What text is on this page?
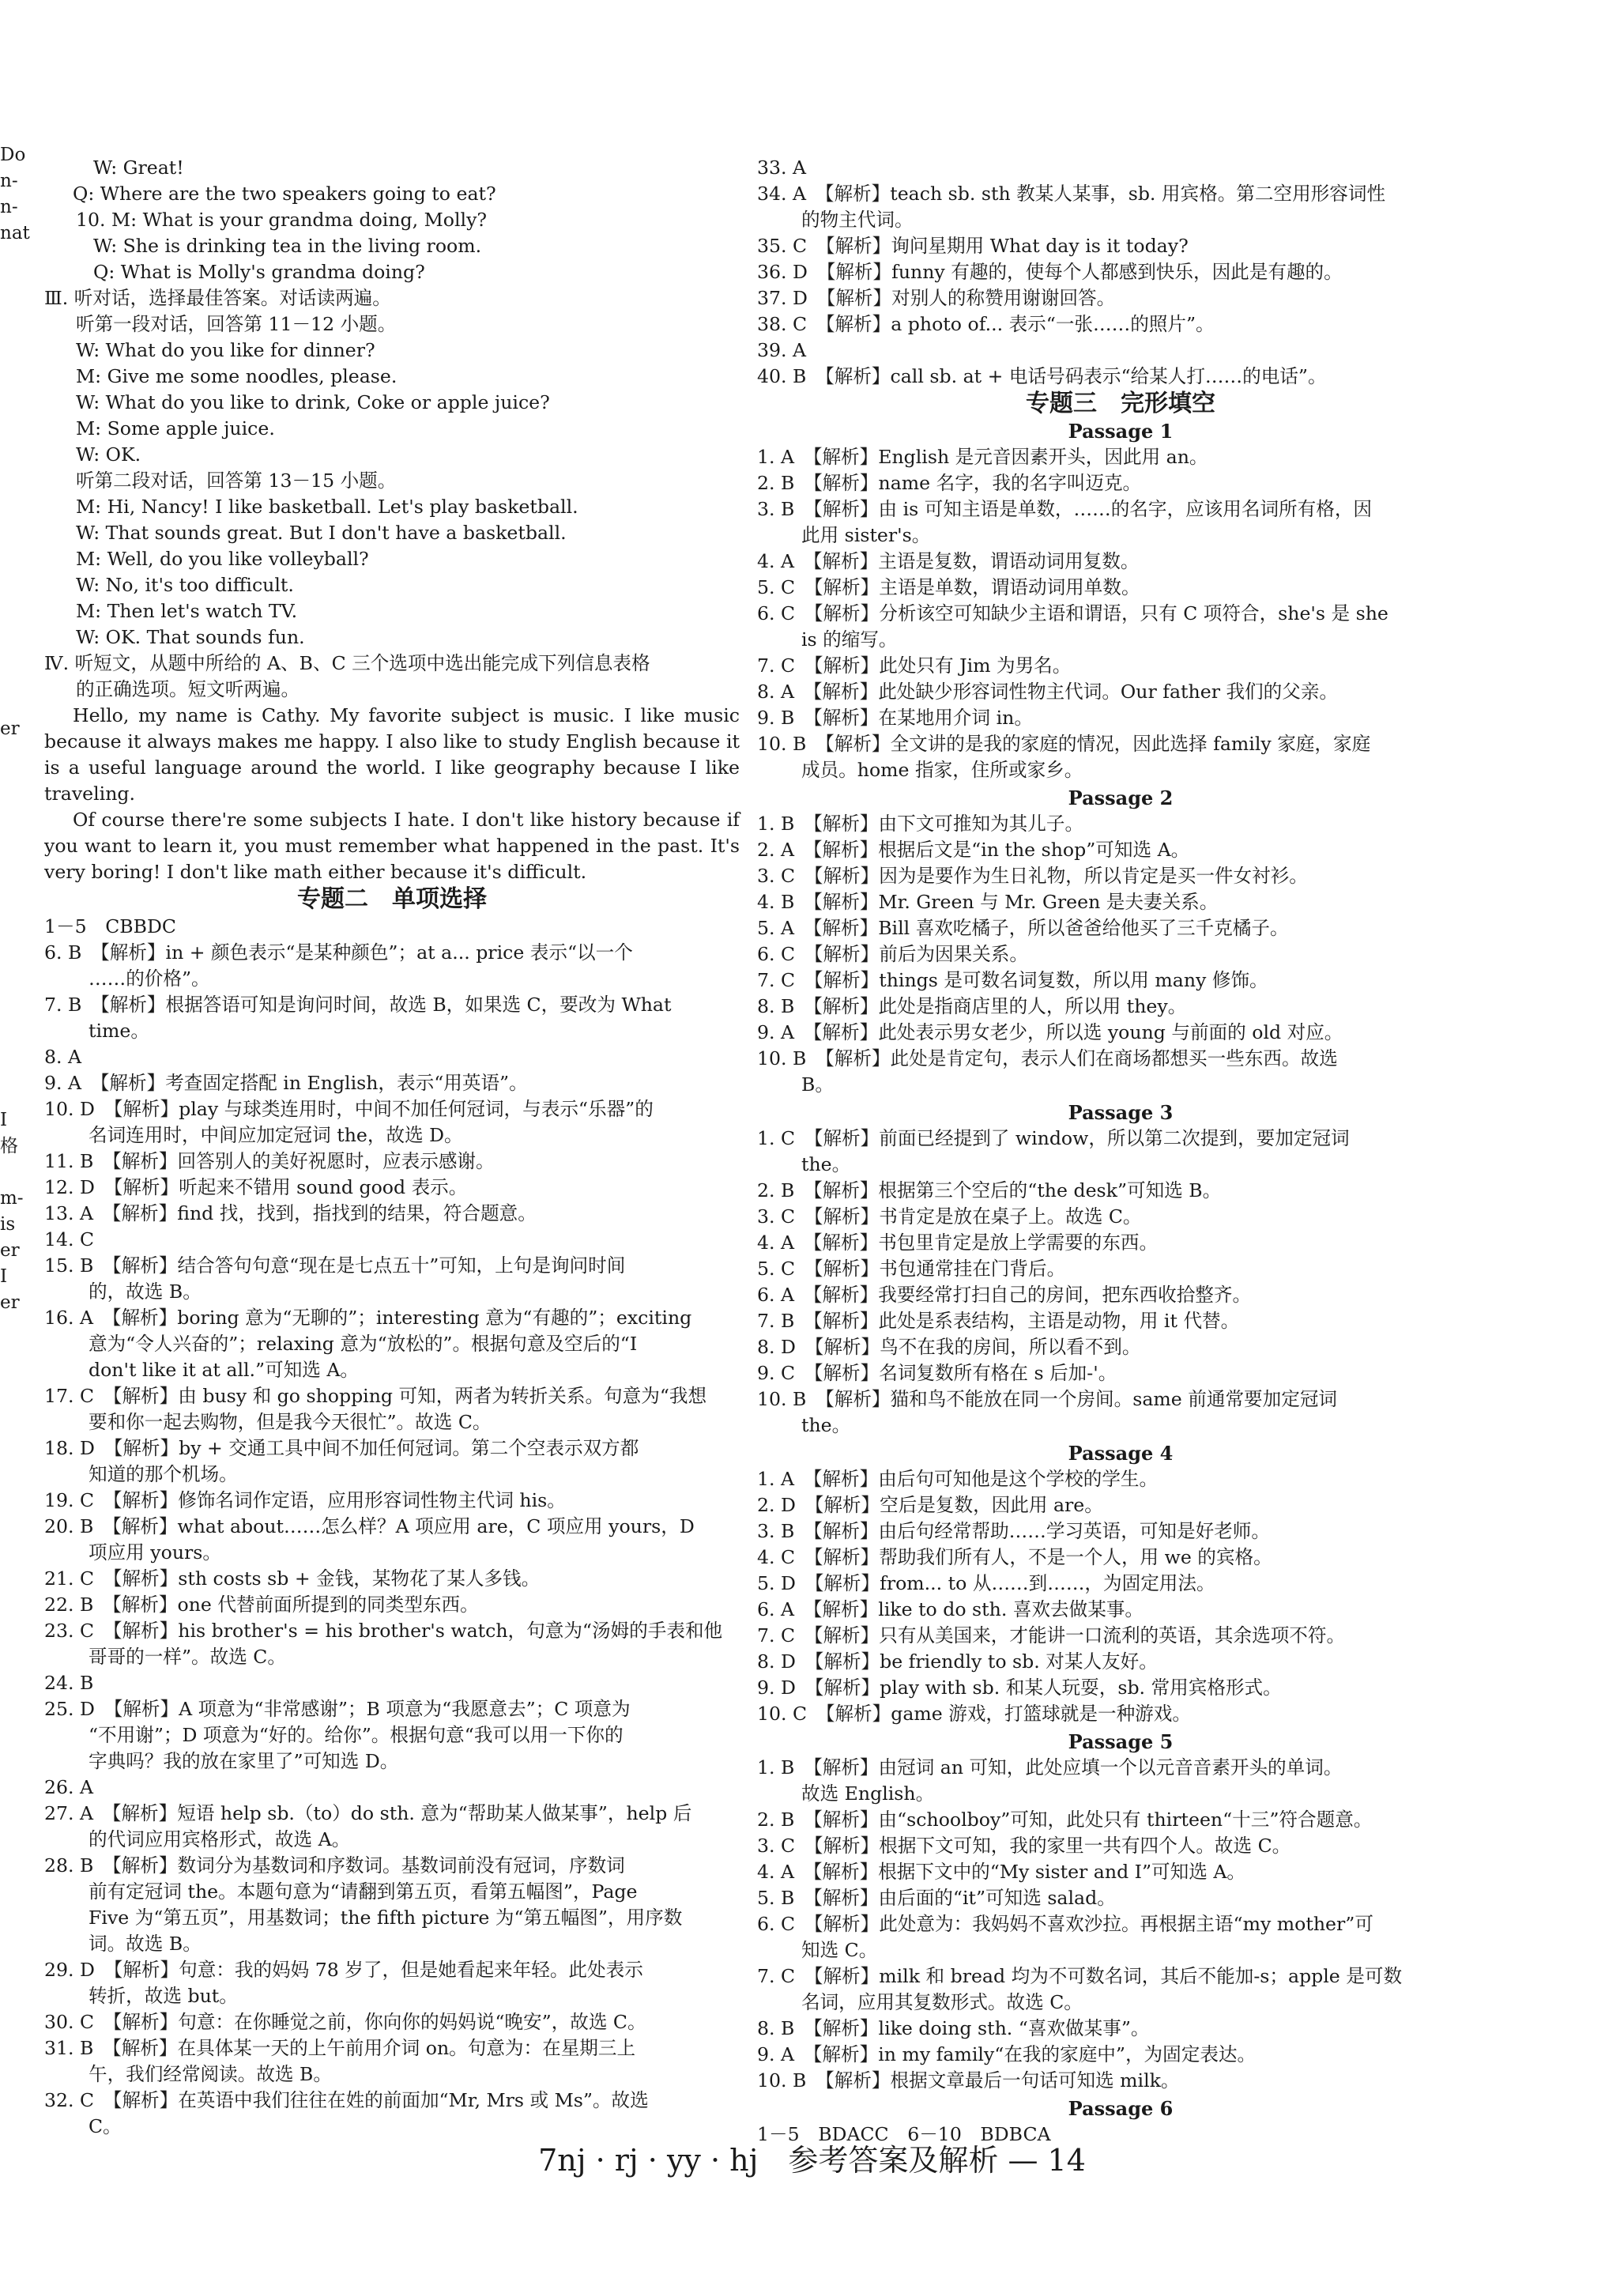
Do
n-
n-
nat

er

I
格

m-
is
er
I
er
W: Great!
Q: Where are the two speakers going to eat?
10. M: What is your grandma doing, Molly?
W: She is drinking tea in the living room.
Q: What is Molly's grandma doing?
Ⅲ. 听对话，选择最佳答案。对话读两遍。
听第一段对话，回答第 11－12 小题。
W: What do you like for dinner?
M: Give me some noodles, please.
W: What do you like to drink, Coke or apple juice?
M: Some apple juice.
W: OK.
听第二段对话，回答第 13－15 小题。
M: Hi, Nancy! I like basketball. Let's play basketball.
W: That sounds great. But I don't have a basketball.
M: Well, do you like volleyball?
W: No, it's too difficult.
M: Then let's watch TV.
W: OK. That sounds fun.
Ⅳ. 听短文，从题中所给的 A、B、C 三个选项中选出能完成下列信息表格
的正确选项。短文听两遍。
Hello, my name is Cathy. My favorite subject is music. I like music because it always makes me happy. I also like to study English because it is a useful language around the world. I like geography because I like traveling.
Of course there're some subjects I hate. I don't like history because if you want to learn it, you must remember what happened in the past. It's very boring! I don't like math either because it's difficult.
专题二　单项选择
1－5　CBBDC
6. B　【解析】in + 颜色表示“是某种颜色”；at a... price 表示“以一个
……的价格”。
7. B　【解析】根据答语可知是询问时间，故选 B，如果选 C，要改为 What
time。
8. A
9. A　【解析】考查固定搭配 in English，表示“用英语”。
10. D　【解析】play 与球类连用时，中间不加任何冠词，与表示“乐器”的
名词连用时，中间应加定冠词 the，故选 D。
11. B　【解析】回答别人的美好祝愿时，应表示感谢。
12. D　【解析】听起来不错用 sound good 表示。
13. A　【解析】find 找，找到，指找到的结果，符合题意。
14. C
15. B　【解析】结合答句句意“现在是七点五十”可知，上句是询问时间
的，故选 B。
16. A　【解析】boring 意为“无聊的”；interesting 意为“有趣的”；exciting
意为“令人兴奋的”；relaxing 意为“放松的”。根据句意及空后的“I
don't like it at all.”可知选 A。
17. C　【解析】由 busy 和 go shopping 可知，两者为转折关系。句意为“我想
要和你一起去购物，但是我今天很忙”。故选 C。
18. D　【解析】by + 交通工具中间不加任何冠词。第二个空表示双方都
知道的那个机场。
19. C　【解析】修饰名词作定语，应用形容词性物主代词 his。
20. B　【解析】what about……怎么样？A 项应用 are，C 项应用 yours，D
项应用 yours。
21. C　【解析】sth costs sb + 金钱，某物花了某人多钱。
22. B　【解析】one 代替前面所提到的同类型东西。
23. C　【解析】his brother's = his brother's watch，句意为“汤姆的手表和他
哥哥的一样”。故选 C。
24. B
25. D　【解析】A 项意为“非常感谢”；B 项意为“我愿意去”；C 项意为
“不用谢”；D 项意为“好的。给你”。根据句意“我可以用一下你的
字典吗？我的放在家里了”可知选 D。
26. A
27. A　【解析】短语 help sb.（to）do sth. 意为“帮助某人做某事”，help 后
的代词应用宾格形式，故选 A。
28. B　【解析】数词分为基数词和序数词。基数词前没有冠词，序数词
前有定冠词 the。本题句意为“请翻到第五页，看第五幅图”，Page
Five 为“第五页”，用基数词；the fifth picture 为“第五幅图”，用序数
词。故选 B。
29. D　【解析】句意：我的妈妈 78 岁了，但是她看起来年轻。此处表示
转折，故选 but。
30. C　【解析】句意：在你睡觉之前，你向你的妈妈说“晚安”，故选 C。
31. B　【解析】在具体某一天的上午前用介词 on。句意为：在星期三上
午，我们经常阅读。故选 B。
32. C　【解析】在英语中我们往往在姓的前面加“Mr, Mrs 或 Ms”。故选
C。
33. A
34. A　【解析】teach sb. sth 教某人某事，sb. 用宾格。第二空用形容词性
的物主代词。
35. C　【解析】询问星期用 What day is it today?
36. D　【解析】funny 有趣的，使每个人都感到快乐，因此是有趣的。
37. D　【解析】对别人的称赞用谢谢回答。
38. C　【解析】a photo of... 表示“一张……的照片”。
39. A
40. B　【解析】call sb. at + 电话号码表示“给某人打……的电话”。
专题三　完形填空
Passage 1
1. A　【解析】English 是元音因素开头，因此用 an。
2. B　【解析】name 名字，我的名字叫迈克。
3. B　【解析】由 is 可知主语是单数，……的名字，应该用名词所有格，因
此用 sister's。
4. A　【解析】主语是复数，谓语动词用复数。
5. C　【解析】主语是单数，谓语动词用单数。
6. C　【解析】分析该空可知缺少主语和谓语，只有 C 项符合，she's 是 she
is 的缩写。
7. C　【解析】此处只有 Jim 为男名。
8. A　【解析】此处缺少形容词性物主代词。Our father 我们的父亲。
9. B　【解析】在某地用介词 in。
10. B　【解析】全文讲的是我的家庭的情况，因此选择 family 家庭，家庭
成员。home 指家，住所或家乡。
Passage 2
1. B　【解析】由下文可推知为其儿子。
2. A　【解析】根据后文是“in the shop”可知选 A。
3. C　【解析】因为是要作为生日礼物，所以肯定是买一件女衬衫。
4. B　【解析】Mr. Green 与 Mr. Green 是夫妻关系。
5. A　【解析】Bill 喜欢吃橘子，所以爸爸给他买了三千克橘子。
6. C　【解析】前后为因果关系。
7. C　【解析】things 是可数名词复数，所以用 many 修饰。
8. B　【解析】此处是指商店里的人，所以用 they。
9. A　【解析】此处表示男女老少，所以选 young 与前面的 old 对应。
10. B　【解析】此处是肯定句，表示人们在商场都想买一些东西。故选
B。
Passage 3
1. C　【解析】前面已经提到了 window，所以第二次提到，要加定冠词
the。
2. B　【解析】根据第三个空后的“the desk”可知选 B。
3. C　【解析】书肯定是放在桌子上。故选 C。
4. A　【解析】书包里肯定是放上学需要的东西。
5. C　【解析】书包通常挂在门背后。
6. A　【解析】我要经常打扫自己的房间，把东西收拾整齐。
7. B　【解析】此处是系表结构，主语是动物，用 it 代替。
8. D　【解析】鸟不在我的房间，所以看不到。
9. C　【解析】名词复数所有格在 s 后加-'。
10. B　【解析】猫和鸟不能放在同一个房间。same 前通常要加定冠词
the。
Passage 4
1. A　【解析】由后句可知他是这个学校的学生。
2. D　【解析】空后是复数，因此用 are。
3. B　【解析】由后句经常帮助……学习英语，可知是好老师。
4. C　【解析】帮助我们所有人，不是一个人，用 we 的宾格。
5. D　【解析】from... to 从……到……，为固定用法。
6. A　【解析】like to do sth. 喜欢去做某事。
7. C　【解析】只有从美国来，才能讲一口流利的英语，其余选项不符。
8. D　【解析】be friendly to sb. 对某人友好。
9. D　【解析】play with sb. 和某人玩耍，sb. 常用宾格形式。
10. C　【解析】game 游戏，打篮球就是一种游戏。
Passage 5
1. B　【解析】由冠词 an 可知，此处应填一个以元音音素开头的单词。
故选 English。
2. B　【解析】由“schoolboy”可知，此处只有 thirteen“十三”符合题意。
3. C　【解析】根据下文可知，我的家里一共有四个人。故选 C。
4. A　【解析】根据下文中的“My sister and I”可知选 A。
5. B　【解析】由后面的“it”可知选 salad。
6. C　【解析】此处意为：我妈妈不喜欢沙拉。再根据主语“my mother”可
知选 C。
7. C　【解析】milk 和 bread 均为不可数名词，其后不能加-s；apple 是可数
名词，应用其复数形式。故选 C。
8. B　【解析】like doing sth. “喜欢做某事”。
9. A　【解析】in my family“在我的家庭中”，为固定表达。
10. B　【解析】根据文章最后一句话可知选 milk。
Passage 6
1－5　BDACC　6－10　BDBCA
7nj · rj · yy · hj　参考答案及解析 — 14
